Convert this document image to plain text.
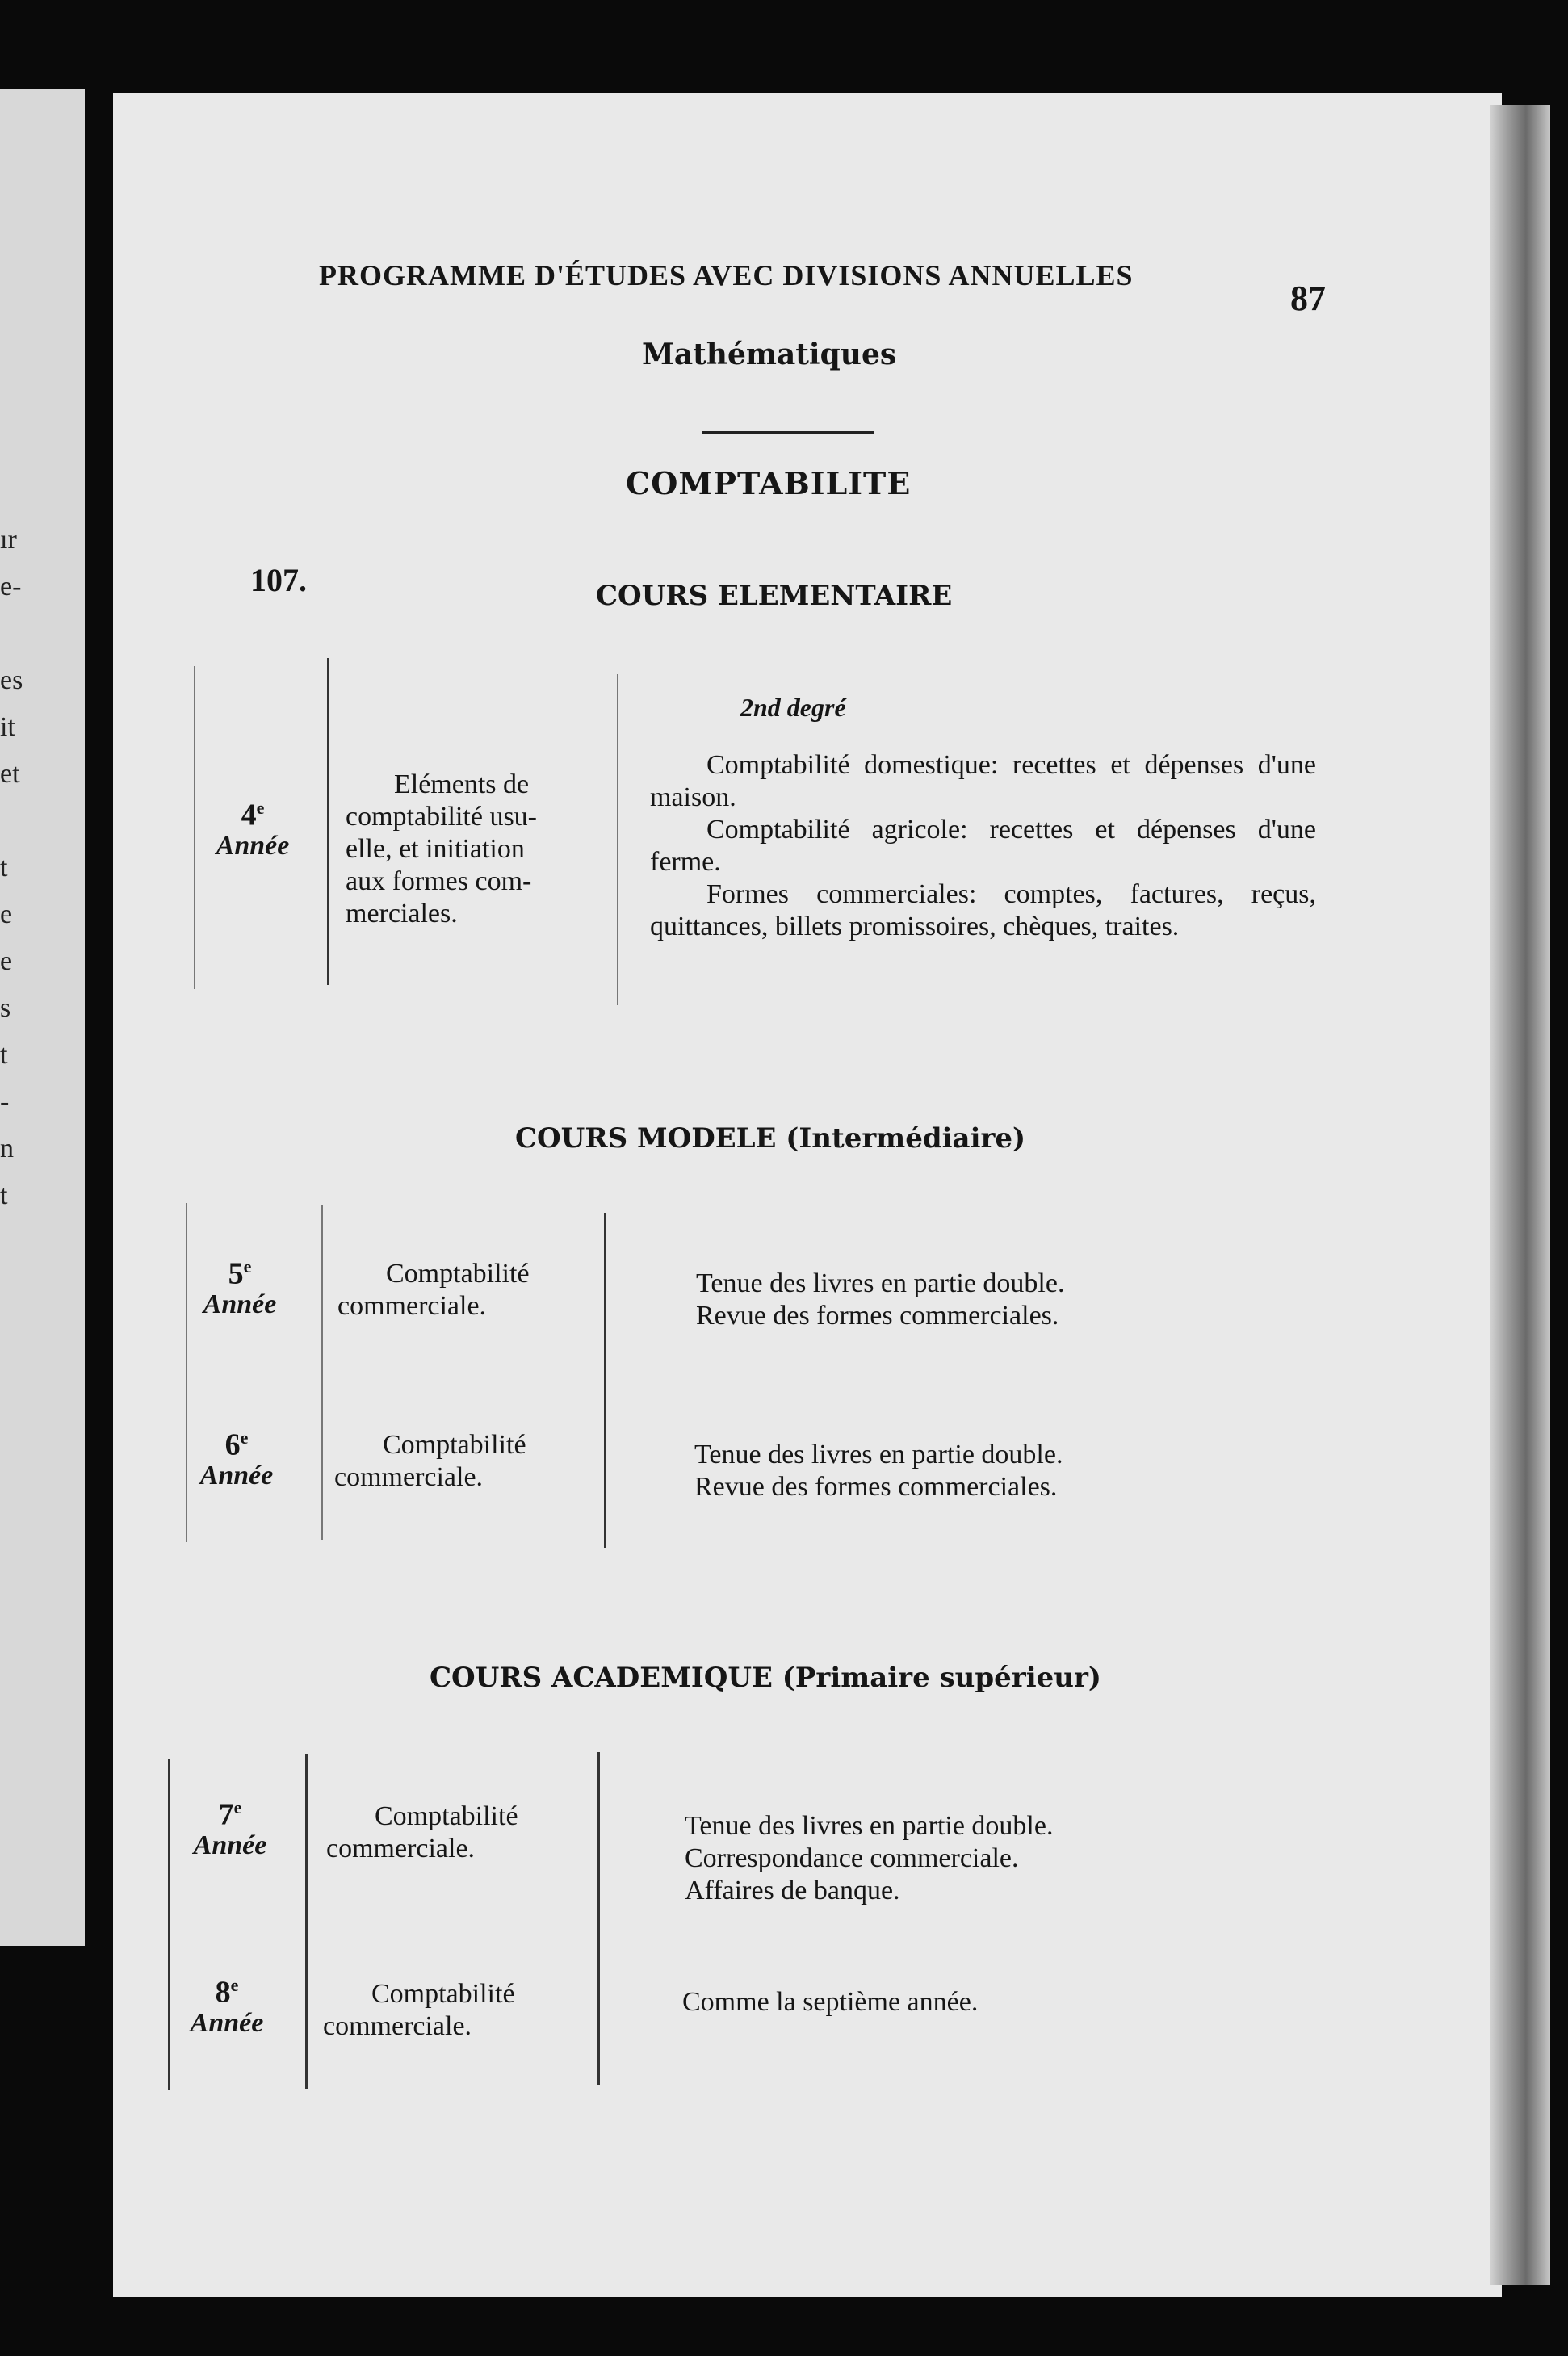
ır
e-
es
it
et
t
e
e
s
t
-
n
t
PROGRAMME D'ÉTUDES AVEC DIVISIONS ANNUELLES
87
Mathématiques
COMPTABILITE
107.	COURS ELEMENTAIRE
2nd degré
4e
Année
Eléments de
comptabilité usu-
elle, et initiation
aux formes com-
merciales.
Comptabilité domestique: recettes et dépenses d'une maison.
Comptabilité agricole: recettes et dépenses d'une ferme.
Formes commerciales: comptes, factures, reçus, quittances, billets promissoires, chèques, traites.
COURS MODELE (Intermédiaire)
5e
Année
Comptabilité
commerciale.
Tenue des livres en partie double.
Revue des formes commerciales.
6e
Année
Comptabilité
commerciale.
Tenue des livres en partie double.
Revue des formes commerciales.
COURS ACADEMIQUE (Primaire supérieur)
7e
Année
Comptabilité
commerciale.
Tenue des livres en partie double.
Correspondance commerciale.
Affaires de banque.
8e
Année
Comptabilité
commerciale.
Comme la septième année.
